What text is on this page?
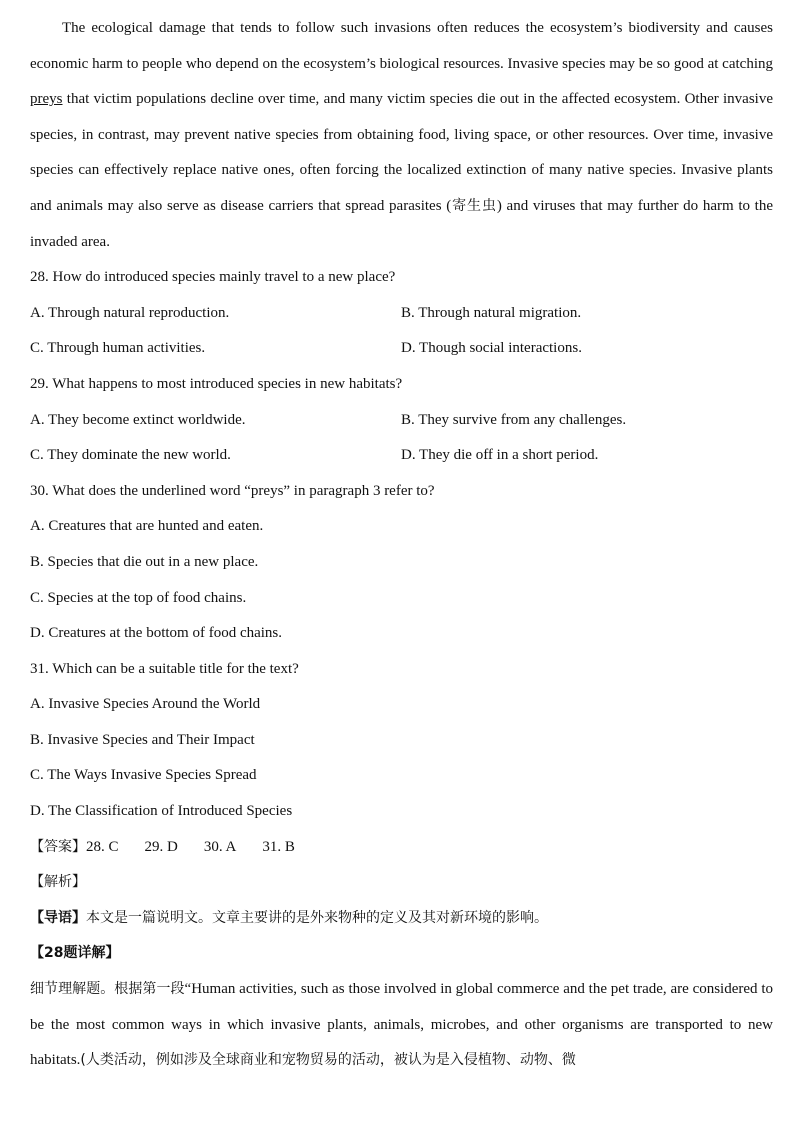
The ecological damage that tends to follow such invasions often reduces the ecosystem’s biodiversity and causes economic harm to people who depend on the ecosystem’s biological resources. Invasive species may be so good at catching preys that victim populations decline over time, and many victim species die out in the affected ecosystem. Other invasive species, in contrast, may prevent native species from obtaining food, living space, or other resources. Over time, invasive species can effectively replace native ones, often forcing the localized extinction of many native species. Invasive plants and animals may also serve as disease carriers that spread parasites (寄生虫) and viruses that may further do harm to the invaded area.

28. How do introduced species mainly travel to a new place?
A. Through natural reproduction.	B. Through natural migration.
C. Through human activities.	D. Though social interactions.
29. What happens to most introduced species in new habitats?
A. They become extinct worldwide.	B. They survive from any challenges.
C. They dominate the new world.	D. They die off in a short period.
30. What does the underlined word “preys” in paragraph 3 refer to?
A. Creatures that are hunted and eaten.
B. Species that die out in a new place.
C. Species at the top of food chains.
D. Creatures at the bottom of food chains.
31. Which can be a suitable title for the text?
A. Invasive Species Around the World
B. Invasive Species and Their Impact
C. The Ways Invasive Species Spread
D. The Classification of Introduced Species
【答案】28. C 29. D 30. A 31. B
【解析】
【导语】本文是一篇说明文。文章主要讲的是外来物种的定义及其对新环境的影响。
【28题详解】

细节理解题。根据第一段“Human activities, such as those involved in global commerce and the pet trade, are considered to be the most common ways in which invasive plants, animals, microbes, and other organisms are transported to new habitats.(人类活动，例如涉及全球商业和宠物贸易的活动，被认为是入侵植物、动物、微
